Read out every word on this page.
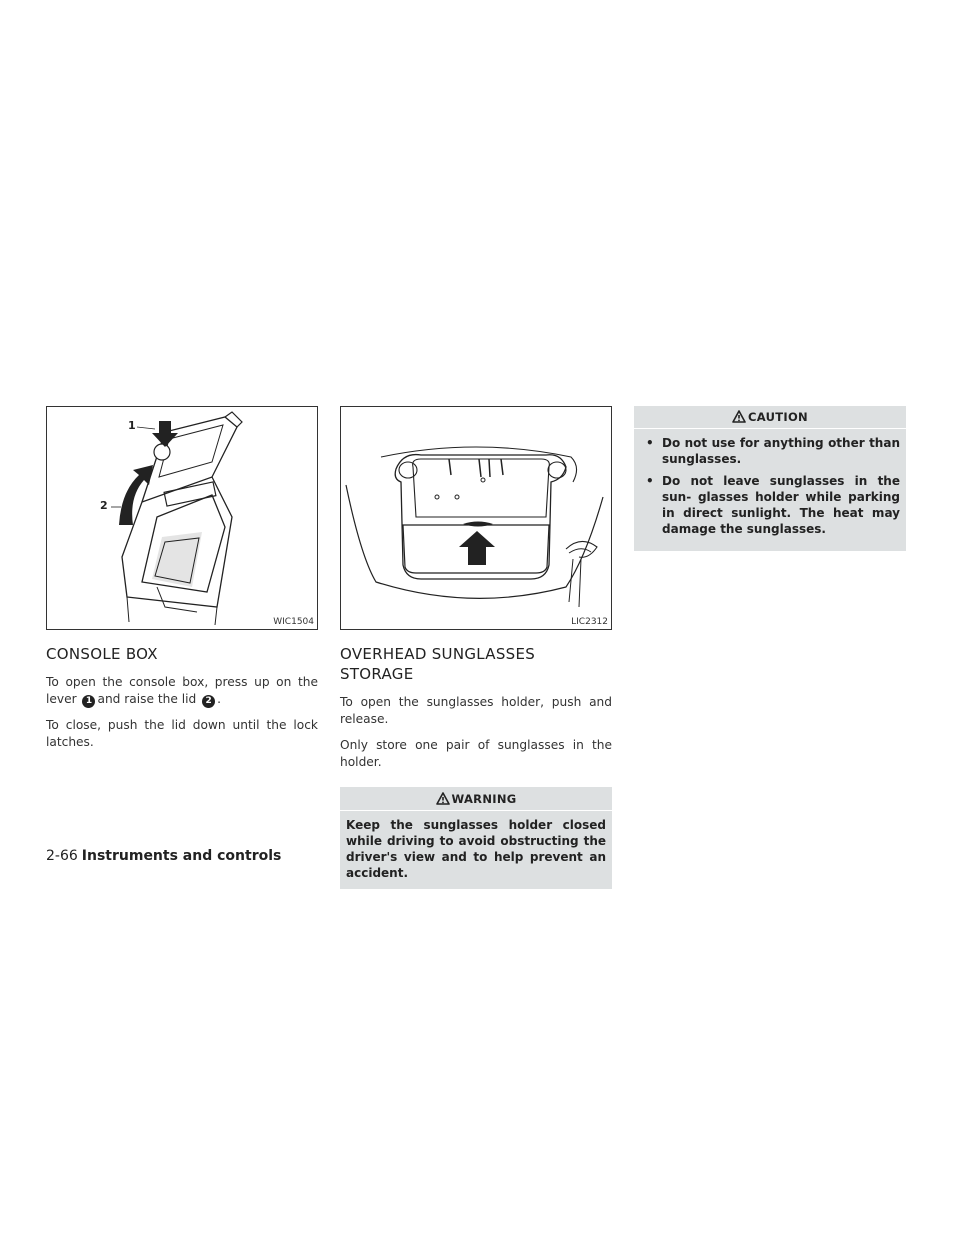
1
2
WIC1504
CONSOLE BOX

To open the console box, press up on the lever 1 and raise the lid 2 .

To close, push the lid down until the lock latches.

LIC2312
OVERHEAD SUNGLASSES
STORAGE

To open the sunglasses holder, push and release.

Only store one pair of sunglasses in the holder.

WARNING
Keep the sunglasses holder closed while driving to avoid obstructing the driver's view and to help prevent an accident.
CAUTION
• Do not use for anything other than sunglasses.
• Do not leave sunglasses in the sun- glasses holder while parking in direct sunlight. The heat may damage the sunglasses.
2-66 Instruments and controls
